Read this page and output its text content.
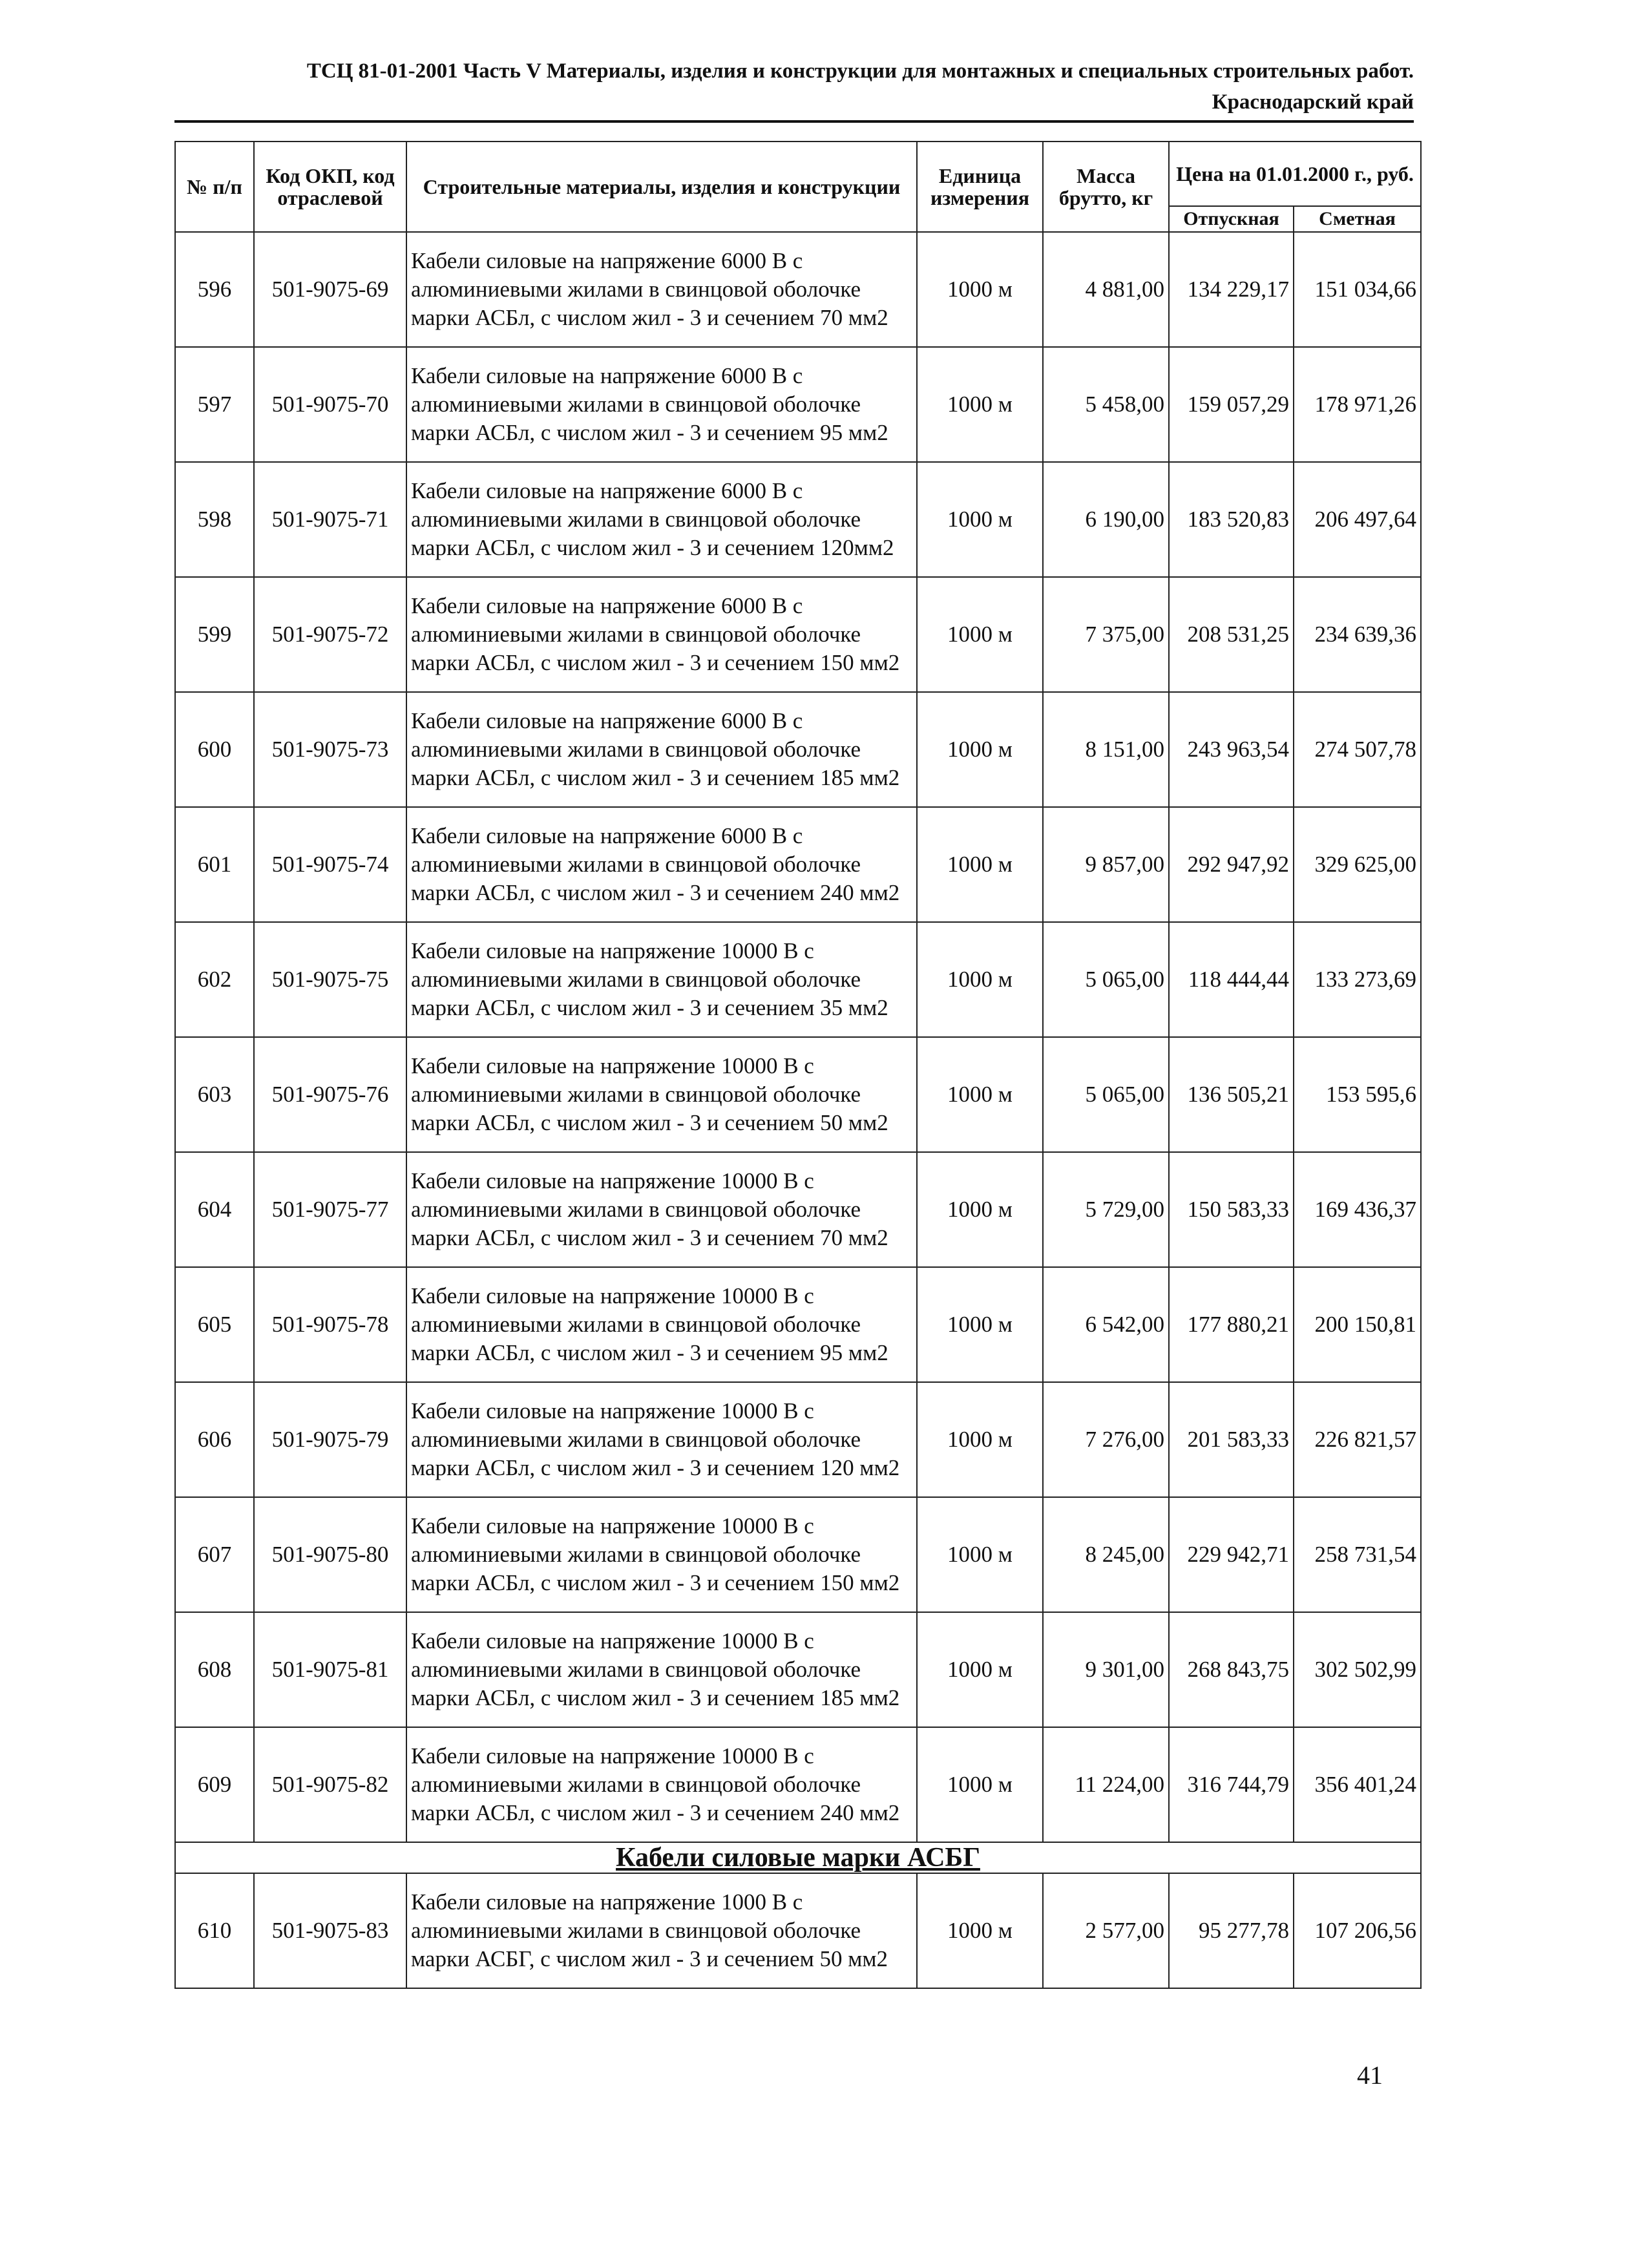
ТСЦ 81-01-2001 Часть V Материалы, изделия и конструкции для монтажных и специальных строительных работ.
Краснодарский край
№ п/п	Код ОКП, код отраслевой	Строительные материалы, изделия и конструкции	Единица измерения	Масса брутто, кг	Цена на 01.01.2000 г., руб.	
					Отпускная	Сметная
596	501-9075-69	Кабели силовые на напряжение 6000 В с алюминиевыми жилами в свинцовой оболочке марки АСБл, с числом жил - 3 и сечением 70 мм2	1000 м	4 881,00	134 229,17	151 034,66
597	501-9075-70	Кабели силовые на напряжение 6000 В с алюминиевыми жилами в свинцовой оболочке марки АСБл, с числом жил - 3 и сечением 95 мм2	1000 м	5 458,00	159 057,29	178 971,26
598	501-9075-71	Кабели силовые на напряжение 6000 В с алюминиевыми жилами в свинцовой оболочке марки АСБл, с числом жил - 3 и сечением 120мм2	1000 м	6 190,00	183 520,83	206 497,64
599	501-9075-72	Кабели силовые на напряжение 6000 В с алюминиевыми жилами в свинцовой оболочке марки АСБл, с числом жил - 3 и сечением 150 мм2	1000 м	7 375,00	208 531,25	234 639,36
600	501-9075-73	Кабели силовые на напряжение 6000 В с алюминиевыми жилами в свинцовой оболочке марки АСБл, с числом жил - 3 и сечением 185 мм2	1000 м	8 151,00	243 963,54	274 507,78
601	501-9075-74	Кабели силовые на напряжение 6000 В с алюминиевыми жилами в свинцовой оболочке марки АСБл, с числом жил - 3 и сечением 240 мм2	1000 м	9 857,00	292 947,92	329 625,00
602	501-9075-75	Кабели силовые на напряжение 10000 В с алюминиевыми жилами в свинцовой оболочке марки АСБл, с числом жил - 3 и сечением 35 мм2	1000 м	5 065,00	118 444,44	133 273,69
603	501-9075-76	Кабели силовые на напряжение 10000 В с алюминиевыми жилами в свинцовой оболочке марки АСБл, с числом жил - 3 и сечением 50 мм2	1000 м	5 065,00	136 505,21	153 595,6
604	501-9075-77	Кабели силовые на напряжение 10000 В с алюминиевыми жилами в свинцовой оболочке марки АСБл, с числом жил - 3 и сечением 70 мм2	1000 м	5 729,00	150 583,33	169 436,37
605	501-9075-78	Кабели силовые на напряжение 10000 В с алюминиевыми жилами в свинцовой оболочке марки АСБл, с числом жил - 3 и сечением 95 мм2	1000 м	6 542,00	177 880,21	200 150,81
606	501-9075-79	Кабели силовые на напряжение 10000 В с алюминиевыми жилами в свинцовой оболочке марки АСБл, с числом жил - 3 и сечением 120 мм2	1000 м	7 276,00	201 583,33	226 821,57
607	501-9075-80	Кабели силовые на напряжение 10000 В с алюминиевыми жилами в свинцовой оболочке марки АСБл, с числом жил - 3 и сечением 150 мм2	1000 м	8 245,00	229 942,71	258 731,54
608	501-9075-81	Кабели силовые на напряжение 10000 В с алюминиевыми жилами в свинцовой оболочке марки АСБл, с числом жил - 3 и сечением 185 мм2	1000 м	9 301,00	268 843,75	302 502,99
609	501-9075-82	Кабели силовые на напряжение 10000 В с алюминиевыми жилами в свинцовой оболочке марки АСБл, с числом жил - 3 и сечением 240 мм2	1000 м	11 224,00	316 744,79	356 401,24
Кабели силовые марки АСБГ						
610	501-9075-83	Кабели силовые на напряжение 1000 В с алюминиевыми жилами в свинцовой оболочке марки АСБГ, с числом жил - 3 и сечением 50 мм2	1000 м	2 577,00	95 277,78	107 206,56
41
